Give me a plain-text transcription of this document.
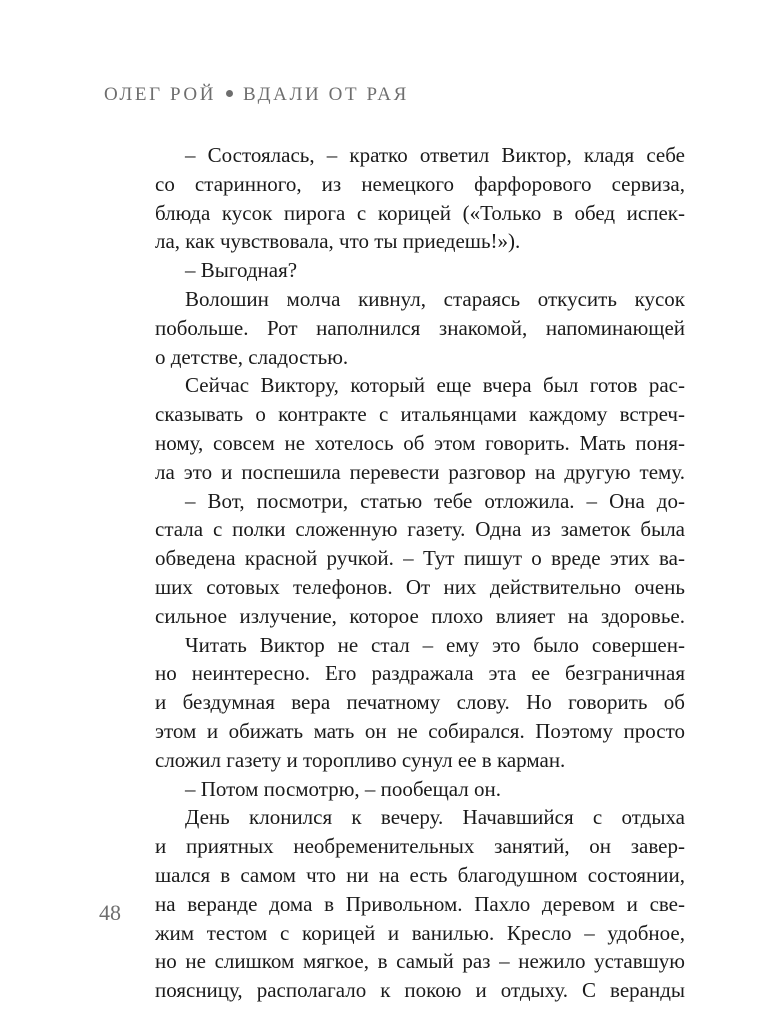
ОЛЕГ РОЙ ВДАЛИ ОТ РАЯ
– Состоялась, – кратко ответил Виктор, кладя себе
со старинного, из немецкого фарфорового сервиза,
блюда кусок пирога с корицей («Только в обед испек-
ла, как чувствовала, что ты приедешь!»).
– Выгодная?
Волошин молча кивнул, стараясь откусить кусок
побольше. Рот наполнился знакомой, напоминающей
о детстве, сладостью.
Сейчас Виктору, который еще вчера был готов рас-
сказывать о контракте с итальянцами каждому встреч-
ному, совсем не хотелось об этом говорить. Мать поня-
ла это и поспешила перевести разговор на другую тему.
– Вот, посмотри, статью тебе отложила. – Она до-
стала с полки сложенную газету. Одна из заметок была
обведена красной ручкой. – Тут пишут о вреде этих ва-
ших сотовых телефонов. От них действительно очень
сильное излучение, которое плохо влияет на здоровье.
Читать Виктор не стал – ему это было совершен-
но неинтересно. Его раздражала эта ее безграничная
и бездумная вера печатному слову. Но говорить об
этом и обижать мать он не собирался. Поэтому просто
сложил газету и торопливо сунул ее в карман.
– Потом посмотрю, – пообещал он.
День клонился к вечеру. Начавшийся с отдыха
и приятных необременительных занятий, он завер-
шался в самом что ни на есть благодушном состоянии,
на веранде дома в Привольном. Пахло деревом и све-
жим тестом с корицей и ванилью. Кресло – удобное,
но не слишком мягкое, в самый раз – нежило уставшую
поясницу, располагало к покою и отдыху. С веранды
48
